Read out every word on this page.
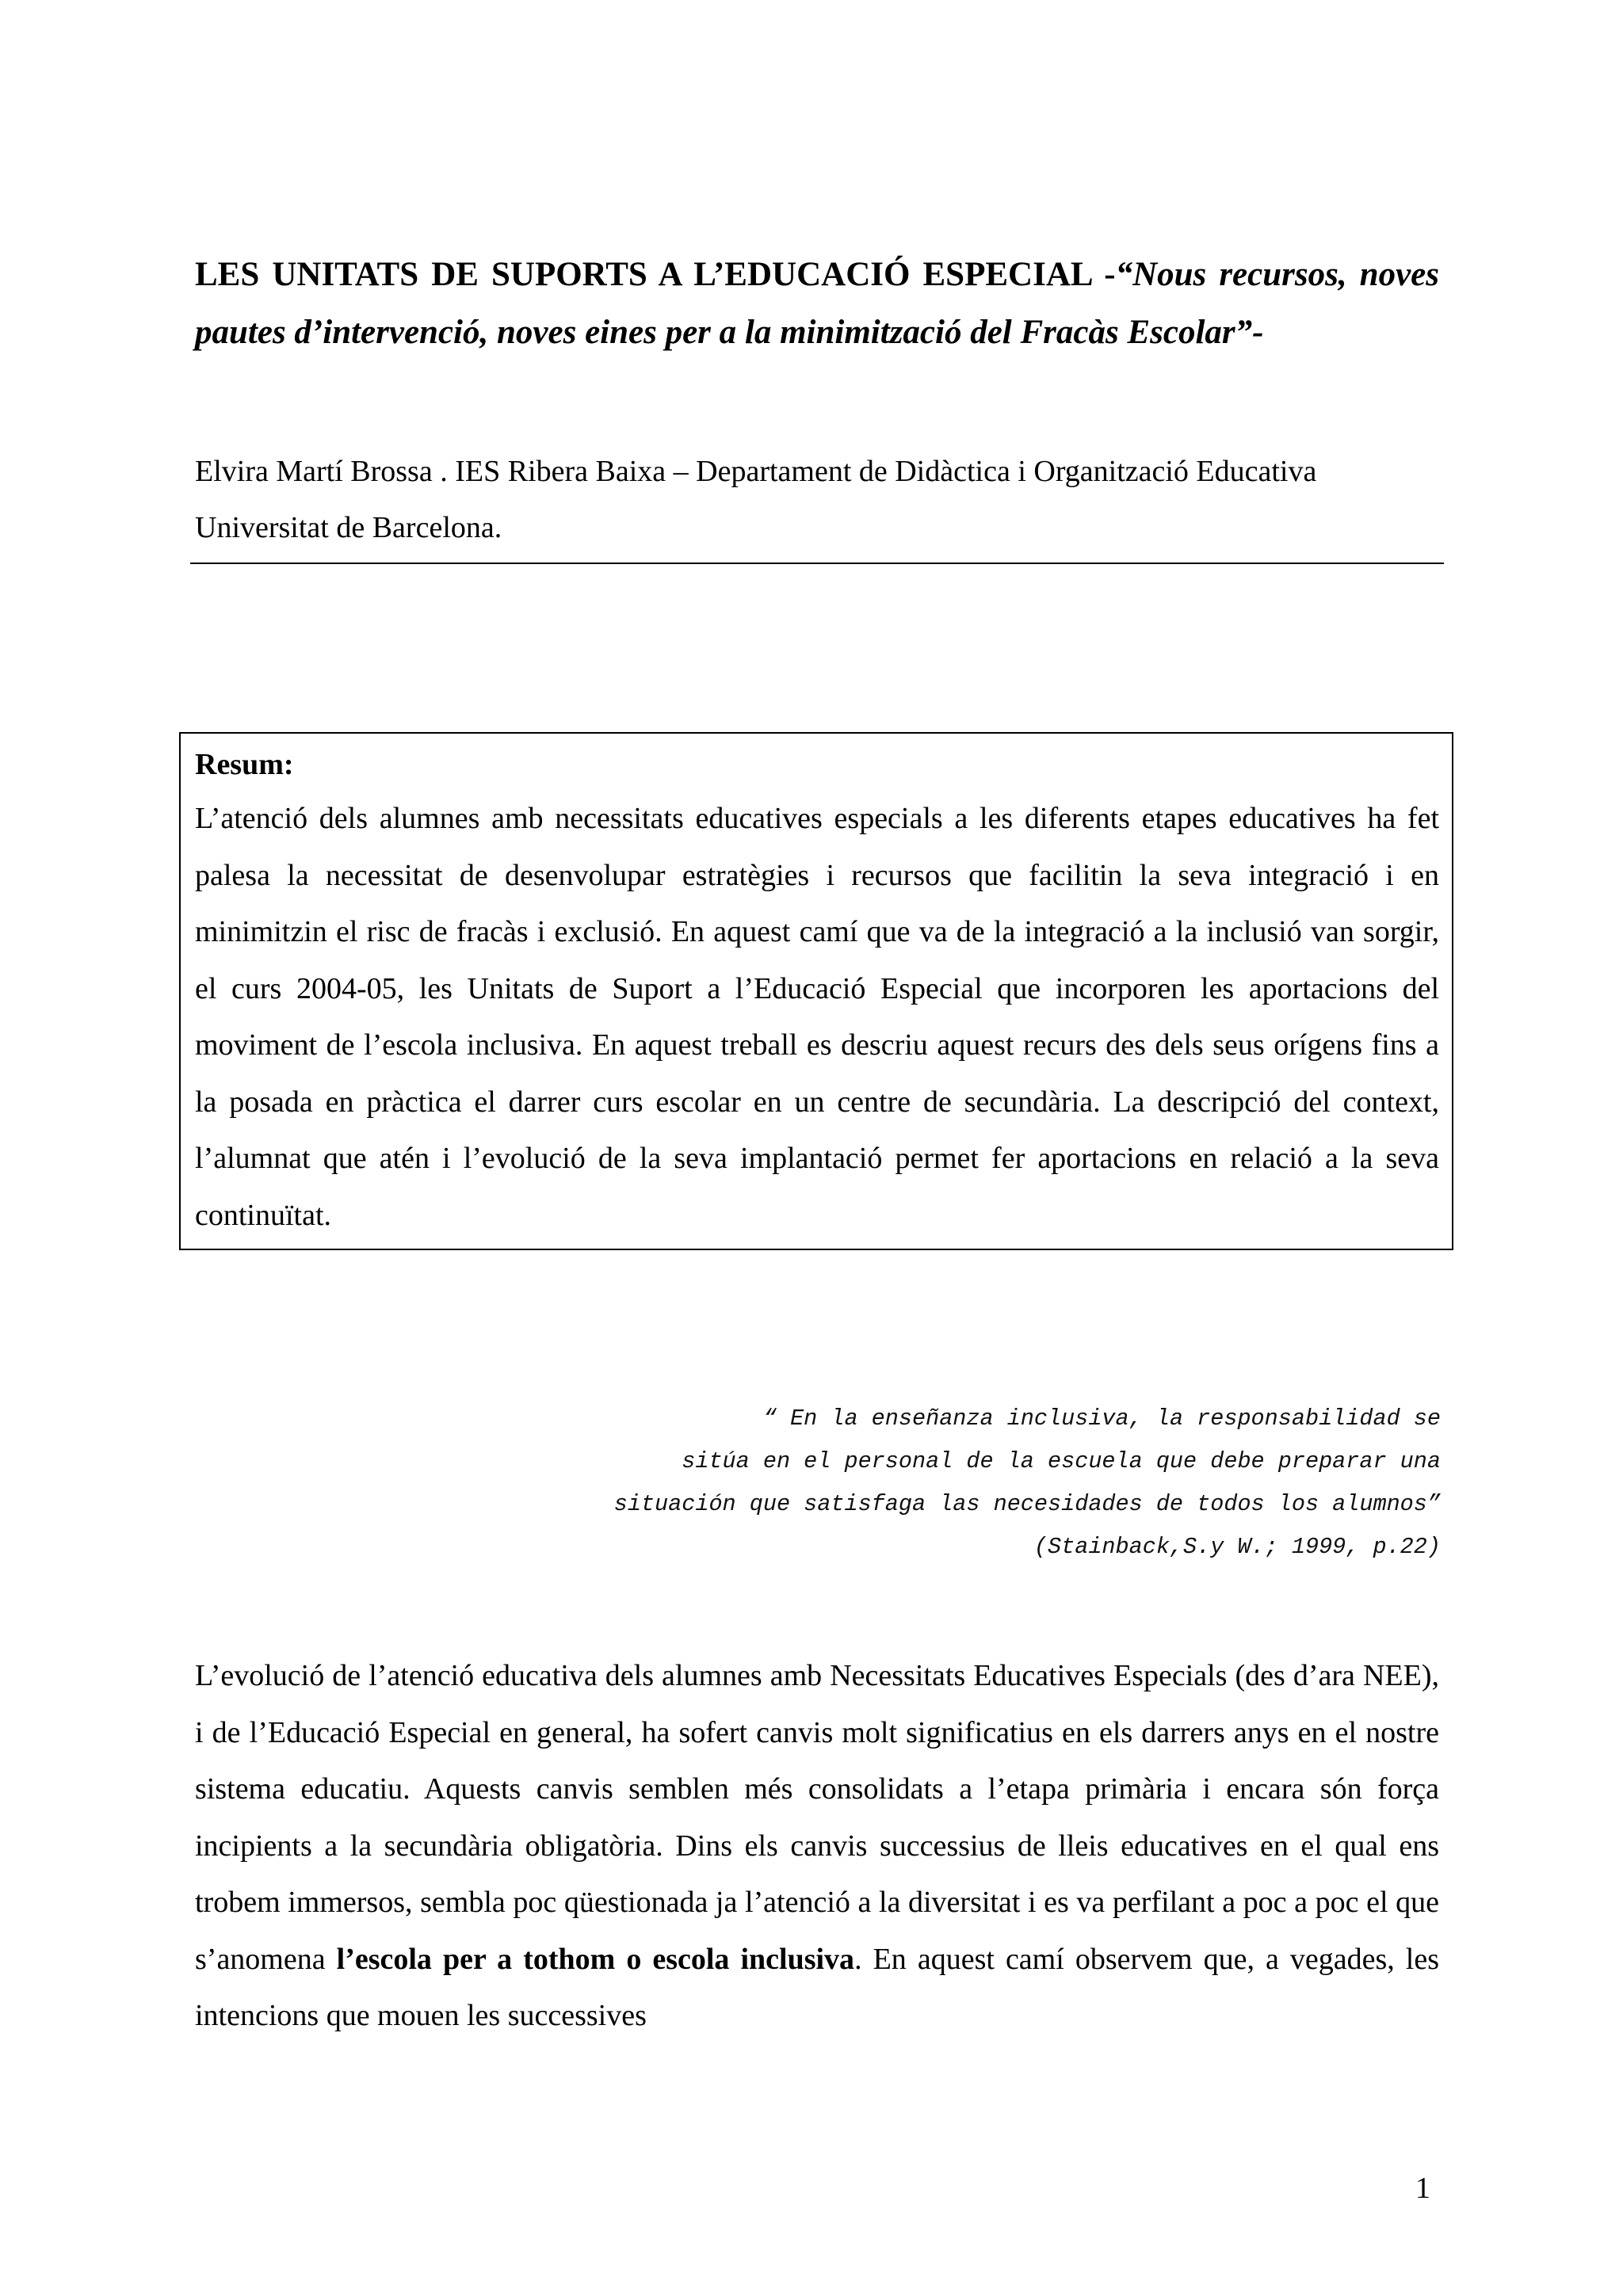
LES UNITATS DE SUPORTS A L’EDUCACIÓ ESPECIAL -“Nous recursos, noves pautes d’intervenció, noves eines per a la minimització del Fracàs Escolar”-
Elvira Martí Brossa . IES Ribera Baixa – Departament de Didàctica i Organització Educativa
Universitat de Barcelona.
Resum:
L’atenció dels alumnes amb necessitats educatives especials a les diferents etapes educatives ha fet palesa la necessitat de desenvolupar estratègies i recursos que facilitin la seva integració i en minimitzin el risc de fracàs i exclusió. En aquest camí que va de la integració a la inclusió van sorgir, el curs 2004-05, les Unitats de Suport a l’Educació Especial que incorporen les aportacions del moviment de l’escola inclusiva. En aquest treball es descriu aquest recurs des dels seus orígens fins a la posada en pràctica el darrer curs escolar en un centre de secundària. La descripció del context, l’alumnat que atén i l’evolució de la seva implantació permet fer aportacions en relació a la seva continuïtat.
“ En la enseñanza inclusiva, la responsabilidad se
sitúa en el personal de la escuela que debe preparar una
situación que satisfaga las necesidades de todos los alumnos”
(Stainback,S.y W.; 1999, p.22)
L’evolució de l’atenció educativa dels alumnes amb Necessitats Educatives Especials (des d’ara NEE), i de l’Educació Especial en general, ha sofert canvis molt significatius en els darrers anys en el nostre sistema educatiu. Aquests canvis semblen més consolidats a l’etapa primària i encara són força incipients a la secundària obligatòria. Dins els canvis successius de lleis educatives en el qual ens trobem immersos, sembla poc qüestionada ja l’atenció a la diversitat i es va perfilant a poc a poc el que s’anomena l’escola per a tothom o escola inclusiva. En aquest camí observem que, a vegades, les intencions que mouen les successives
1
